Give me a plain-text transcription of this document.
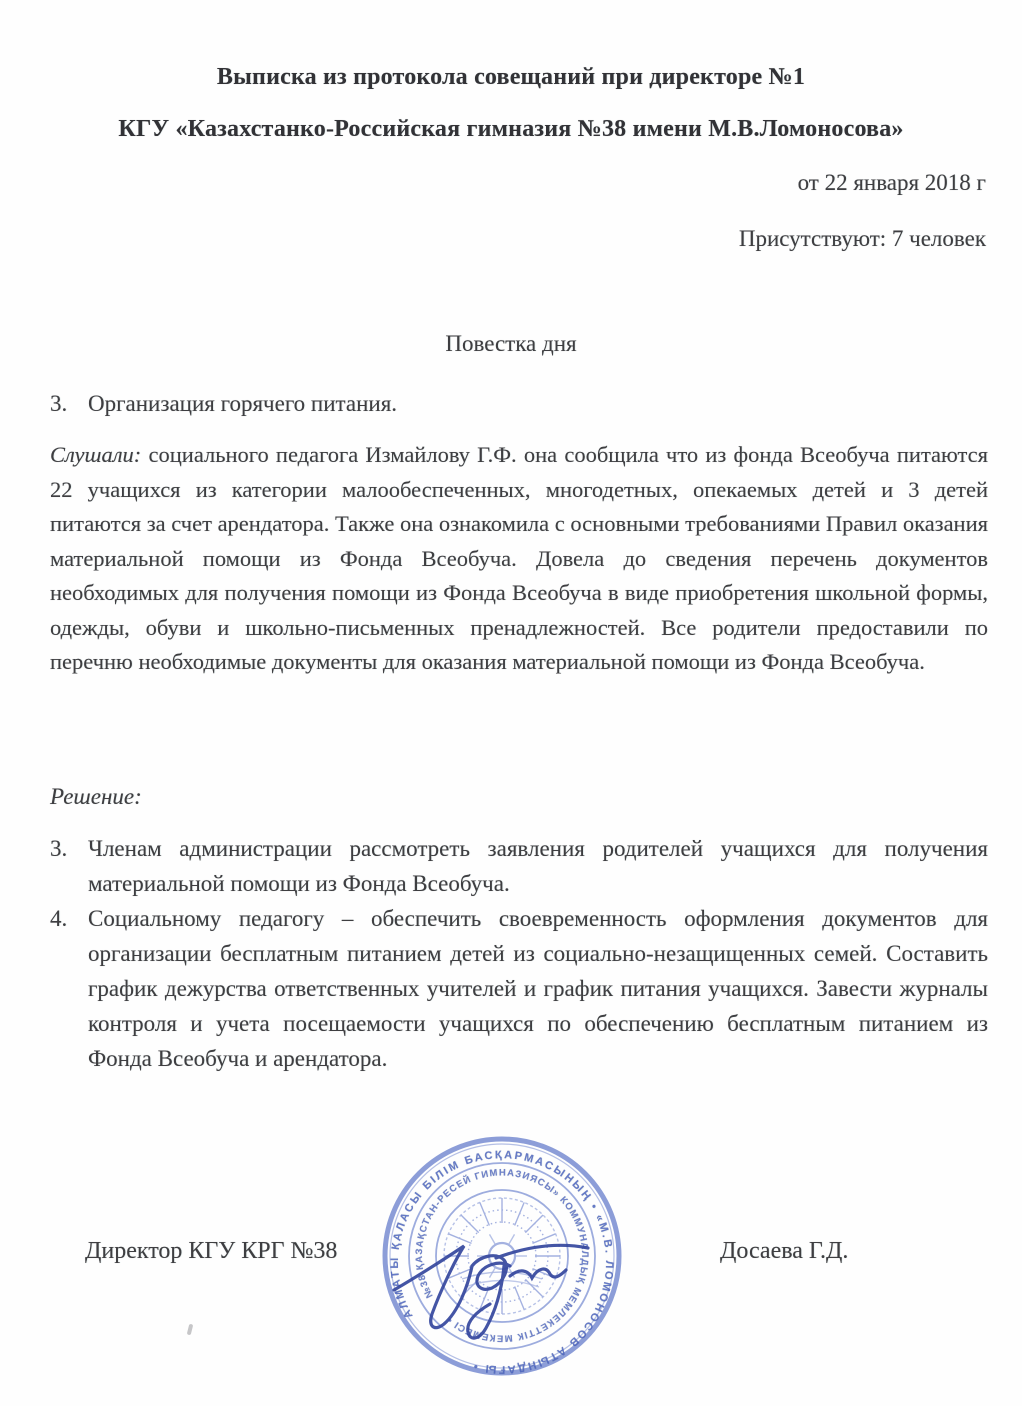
Выписка из протокола совещаний при директоре №1
КГУ «Казахстанко-Российская гимназия №38 имени М.В.Ломоносова»
от 22 января 2018 г
Присутствуют: 7 человек
Повестка дня
3. Организация горячего питания.
Слушали: социального педагога Измайлову Г.Ф. она сообщила что из фонда Всеобуча питаются 22 учащихся из категории малообеспеченных, многодетных, опекаемых детей и 3 детей питаются за счет арендатора. Также она ознакомила с основными требованиями Правил оказания материальной помощи из Фонда Всеобуча. Довела до сведения перечень документов необходимых для получения помощи из Фонда Всеобуча в виде приобретения школьной формы, одежды, обуви и школьно-письменных пренадлежностей. Все родители предоставили по перечню необходимые документы для оказания материальной помощи из Фонда Всеобуча.
Решение:
3. Членам администрации рассмотреть заявления родителей учащихся для получения материальной помощи из Фонда Всеобуча.
4. Социальному педагогу – обеспечить своевременность оформления документов для организации бесплатным питанием детей из социально-незащищенных семей. Составить график дежурства ответственных учителей и график питания учащихся. Завести журналы контроля и учета посещаемости учащихся по обеспечению бесплатным питанием из Фонда Всеобуча и арендатора.
Директор КГУ КРГ №38	Досаева Г.Д.
АЛМАТЫ ҚАЛАСЫ БІЛІМ БАСҚАРМАСЫНЫҢ • «М.В. ЛОМОНОСОВ АТЫНДАҒЫ •
№38 ҚАЗАҚСТАН-РЕСЕЙ ГИМНАЗИЯСЫ» КОММУНАЛДЫҚ МЕМЛЕКЕТТІК МЕКЕМЕСІ •
